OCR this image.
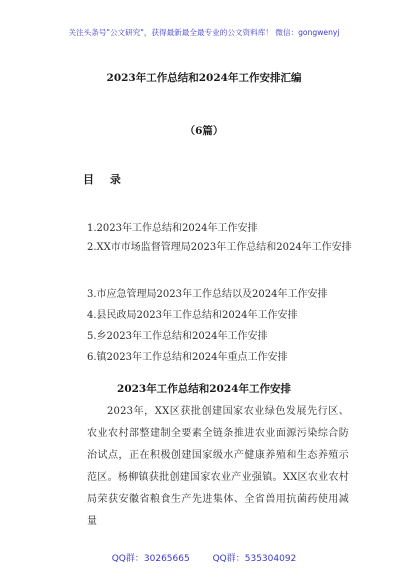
关注头条号"公文研究"，获得最新最全最专业的公文资料库！ 微信：gongwenyj
2023年工作总结和2024年工作安排汇编
（6篇）
目 录
1.2023年工作总结和2024年工作安排
2.XX市市场监督管理局2023年工作总结和2024年工作安排
3.市应急管理局2023年工作总结以及2024年工作安排
4.县民政局2023年工作总结和2024年工作安排
5.乡2023年工作总结和2024年工作安排
6.镇2023年工作总结和2024年重点工作安排
2023年工作总结和2024年工作安排
2023年，XX区获批创建国家农业绿色发展先行区、农业农村部整建制全要素全链条推进农业面源污染综合防治试点，正在积极创建国家级水产健康养殖和生态养殖示范区。杨柳镇获批创建国家农业产业强镇。XX区农业农村局荣获安徽省粮食生产先进集体、全省兽用抗菌药使用减量
QQ群：30265665	QQ群：535304092
